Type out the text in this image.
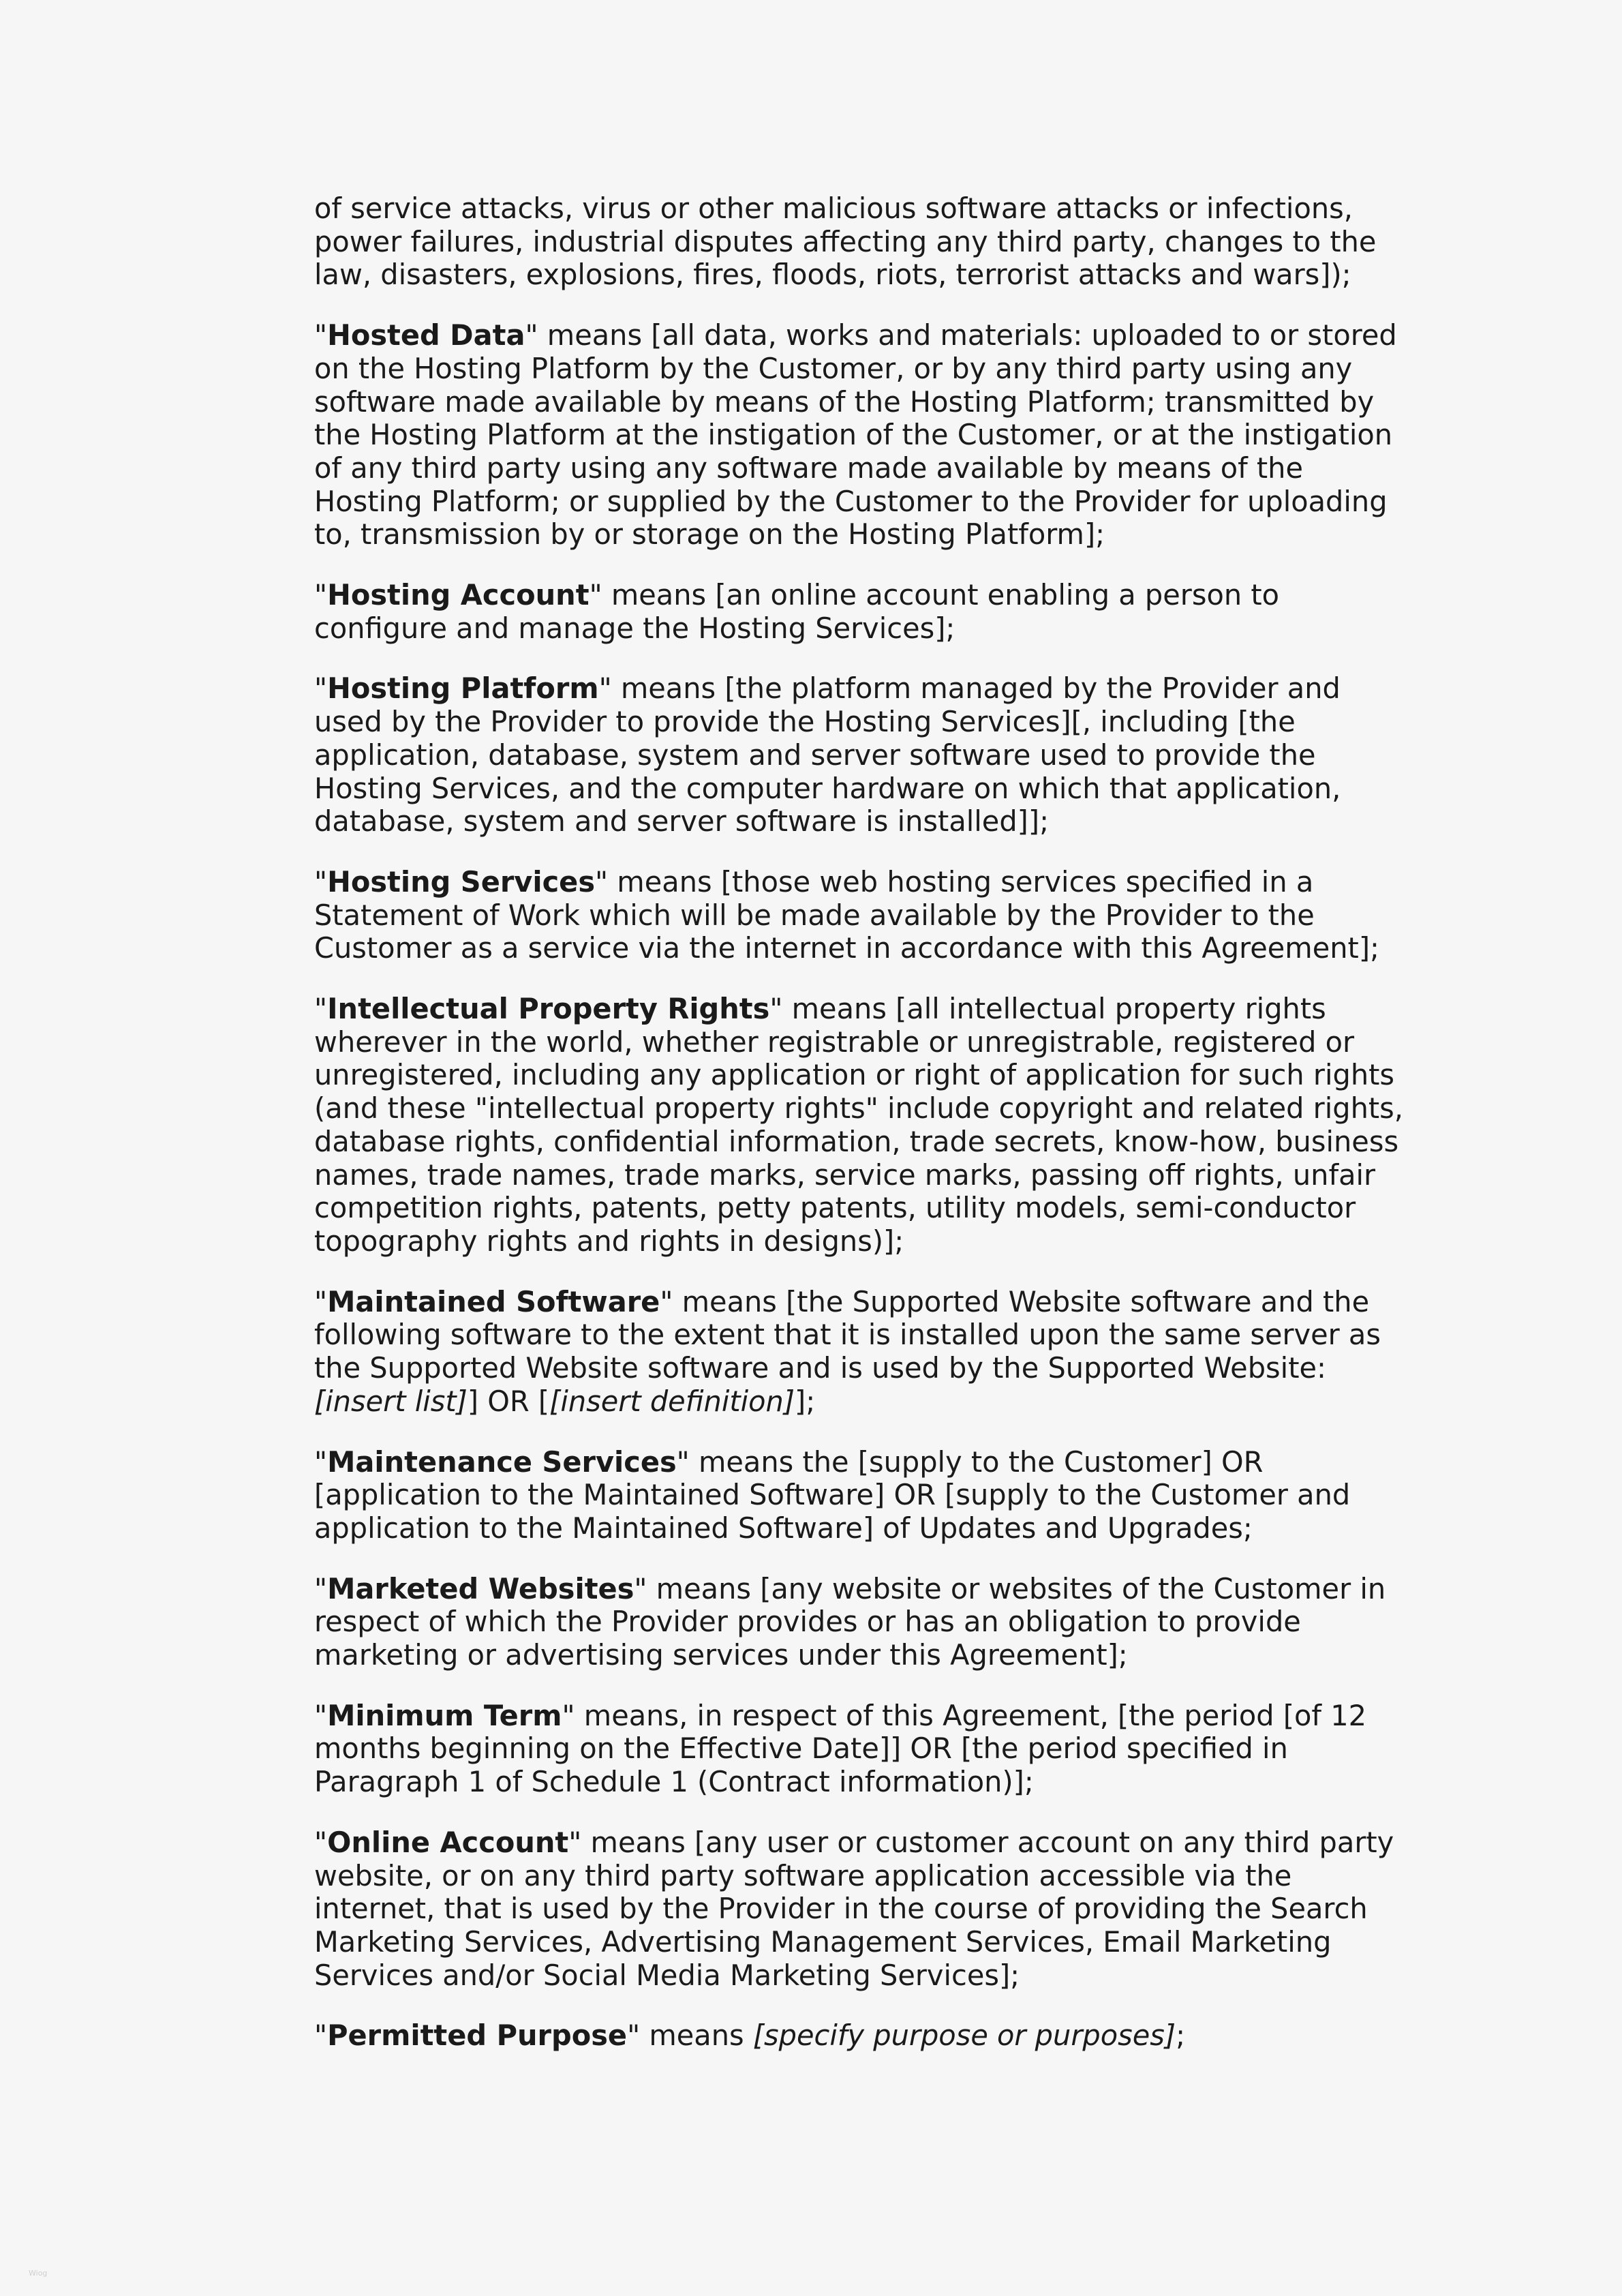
of service attacks, virus or other malicious software attacks or infections, power failures, industrial disputes affecting any third party, changes to the law, disasters, explosions, fires, floods, riots, terrorist attacks and wars]);

"Hosted Data" means [all data, works and materials: uploaded to or stored on the Hosting Platform by the Customer, or by any third party using any software made available by means of the Hosting Platform; transmitted by the Hosting Platform at the instigation of the Customer, or at the instigation of any third party using any software made available by means of the Hosting Platform; or supplied by the Customer to the Provider for uploading to, transmission by or storage on the Hosting Platform];

"Hosting Account" means [an online account enabling a person to configure and manage the Hosting Services];

"Hosting Platform" means [the platform managed by the Provider and used by the Provider to provide the Hosting Services][, including [the application, database, system and server software used to provide the Hosting Services, and the computer hardware on which that application, database, system and server software is installed]];

"Hosting Services" means [those web hosting services specified in a Statement of Work which will be made available by the Provider to the Customer as a service via the internet in accordance with this Agreement];

"Intellectual Property Rights" means [all intellectual property rights wherever in the world, whether registrable or unregistrable, registered or unregistered, including any application or right of application for such rights (and these "intellectual property rights" include copyright and related rights, database rights, confidential information, trade secrets, know-how, business names, trade names, trade marks, service marks, passing off rights, unfair competition rights, patents, petty patents, utility models, semi-conductor topography rights and rights in designs)];

"Maintained Software" means [the Supported Website software and the following software to the extent that it is installed upon the same server as the Supported Website software and is used by the Supported Website: [insert list]] OR [[insert definition]];

"Maintenance Services" means the [supply to the Customer] OR [application to the Maintained Software] OR [supply to the Customer and application to the Maintained Software] of Updates and Upgrades;

"Marketed Websites" means [any website or websites of the Customer in respect of which the Provider provides or has an obligation to provide marketing or advertising services under this Agreement];

"Minimum Term" means, in respect of this Agreement, [the period [of 12 months beginning on the Effective Date]] OR [the period specified in Paragraph 1 of Schedule 1 (Contract information)];

"Online Account" means [any user or customer account on any third party website, or on any third party software application accessible via the internet, that is used by the Provider in the course of providing the Search Marketing Services, Advertising Management Services, Email Marketing Services and/or Social Media Marketing Services];

"Permitted Purpose" means [specify purpose or purposes];

Wiog
